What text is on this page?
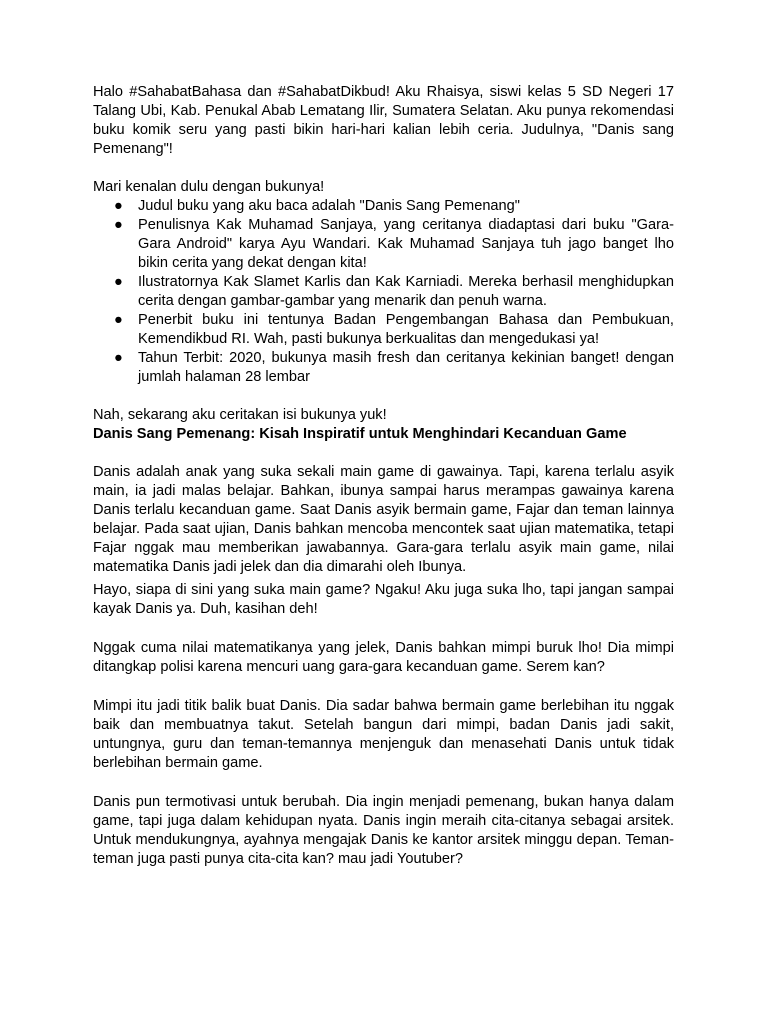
Halo #SahabatBahasa dan #SahabatDikbud! Aku Rhaisya, siswi kelas 5 SD Negeri 17 Talang Ubi, Kab. Penukal Abab Lematang Ilir, Sumatera Selatan. Aku punya rekomendasi buku komik seru yang pasti bikin hari-hari kalian lebih ceria. Judulnya, "Danis sang Pemenang"!

Mari kenalan dulu dengan bukunya!

● Judul buku yang aku baca adalah "Danis Sang Pemenang"
● Penulisnya Kak Muhamad Sanjaya, yang ceritanya diadaptasi dari buku "Gara-Gara Android" karya Ayu Wandari. Kak Muhamad Sanjaya tuh jago banget lho bikin cerita yang dekat dengan kita!
● Ilustratornya Kak Slamet Karlis dan Kak Karniadi. Mereka berhasil menghidupkan cerita dengan gambar-gambar yang menarik dan penuh warna.
● Penerbit buku ini tentunya Badan Pengembangan Bahasa dan Pembukuan, Kemendikbud RI. Wah, pasti bukunya berkualitas dan mengedukasi ya!
● Tahun Terbit: 2020, bukunya masih fresh dan ceritanya kekinian banget! dengan jumlah halaman 28 lembar

Nah, sekarang aku ceritakan isi bukunya yuk!

Danis Sang Pemenang: Kisah Inspiratif untuk Menghindari Kecanduan Game

Danis adalah anak yang suka sekali main game di gawainya. Tapi, karena terlalu asyik main, ia jadi malas belajar. Bahkan, ibunya sampai harus merampas gawainya karena Danis terlalu kecanduan game. Saat Danis asyik bermain game, Fajar dan teman lainnya belajar. Pada saat ujian, Danis bahkan mencoba mencontek saat ujian matematika, tetapi Fajar nggak mau memberikan jawabannya. Gara-gara terlalu asyik main game, nilai matematika Danis jadi jelek dan dia dimarahi oleh Ibunya.

Hayo, siapa di sini yang suka main game? Ngaku! Aku juga suka lho, tapi jangan sampai kayak Danis ya. Duh, kasihan deh!

Nggak cuma nilai matematikanya yang jelek, Danis bahkan mimpi buruk lho! Dia mimpi ditangkap polisi karena mencuri uang gara-gara kecanduan game. Serem kan?

Mimpi itu jadi titik balik buat Danis. Dia sadar bahwa bermain game berlebihan itu nggak baik dan membuatnya takut. Setelah bangun dari mimpi, badan Danis jadi sakit, untungnya, guru dan teman-temannya menjenguk dan menasehati Danis untuk tidak berlebihan bermain game.

Danis pun termotivasi untuk berubah. Dia ingin menjadi pemenang, bukan hanya dalam game, tapi juga dalam kehidupan nyata. Danis ingin meraih cita-citanya sebagai arsitek. Untuk mendukungnya, ayahnya mengajak Danis ke kantor arsitek minggu depan. Teman-teman juga pasti punya cita-cita kan? mau jadi Youtuber?
